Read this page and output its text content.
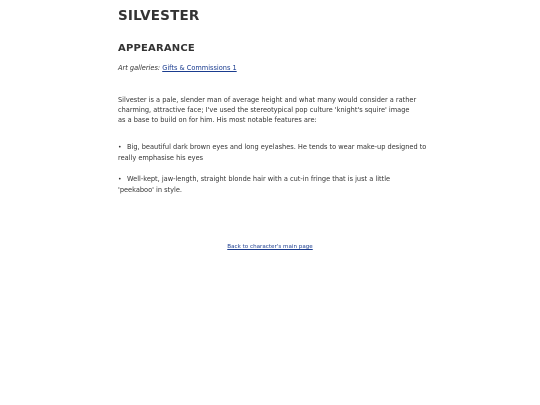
SILVESTER
APPEARANCE
Art galleries: Gifts & Commissions 1

Silvester is a pale, slender man of average height and what many would consider a rather charming, attractive face; I've used the stereotypical pop culture 'knight's squire' image as a base to build on for him. His most notable features are:

• Big, beautiful dark brown eyes and long eyelashes. He tends to wear make-up designed to really emphasise his eyes
• Well-kept, jaw-length, straight blonde hair with a cut-in fringe that is just a little 'peekaboo' in style.
Back to character's main page
